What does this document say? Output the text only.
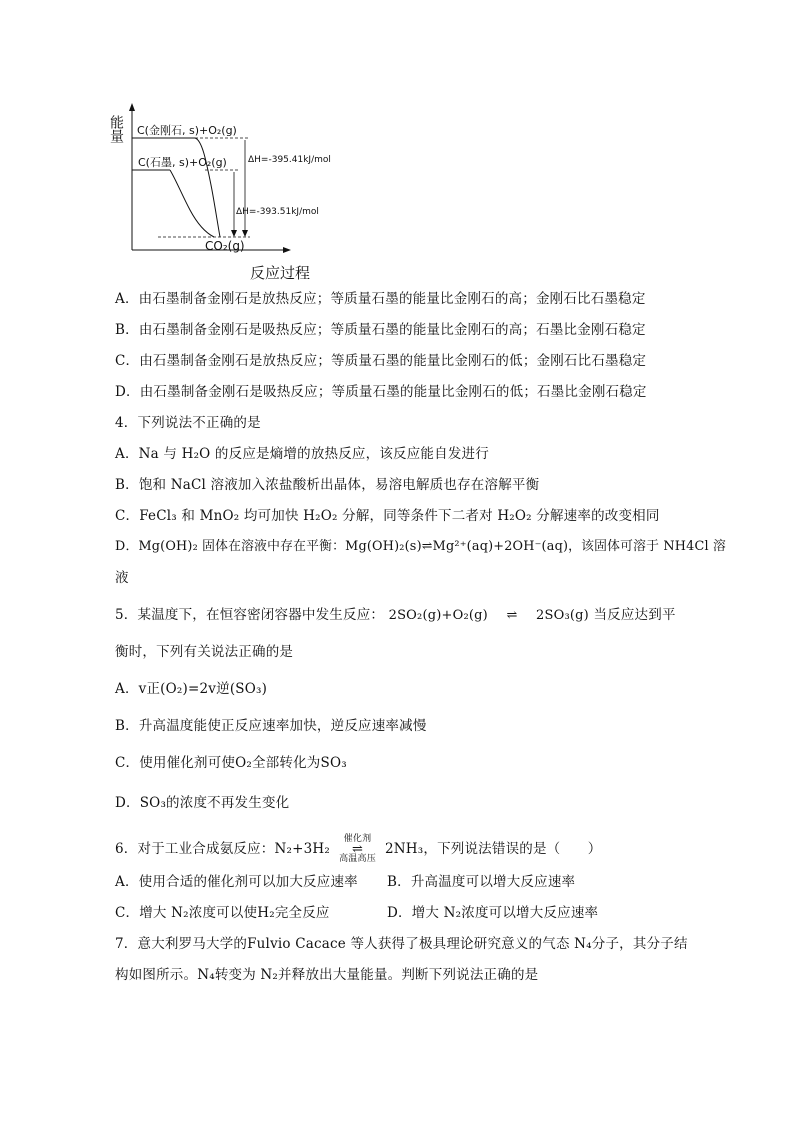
能量
反应过程
C(金刚石, s)+O₂(g)
C(石墨, s)+O₂(g)
CO₂(g)
ΔH=-395.41kJ/mol
ΔH=-393.51kJ/mol
A．由石墨制备金刚石是放热反应；等质量石墨的能量比金刚石的高；金刚石比石墨稳定
B．由石墨制备金刚石是吸热反应；等质量石墨的能量比金刚石的高；石墨比金刚石稳定
C．由石墨制备金刚石是放热反应；等质量石墨的能量比金刚石的低；金刚石比石墨稳定
D．由石墨制备金刚石是吸热反应；等质量石墨的能量比金刚石的低；石墨比金刚石稳定
4．下列说法不正确的是
A．Na 与 H₂O 的反应是熵增的放热反应，该反应能自发进行
B．饱和 NaCl 溶液加入浓盐酸析出晶体，易溶电解质也存在溶解平衡
C．FeCl₃ 和 MnO₂ 均可加快 H₂O₂ 分解，同等条件下二者对 H₂O₂ 分解速率的改变相同
D．Mg(OH)₂ 固体在溶液中存在平衡：Mg(OH)₂(s)⇌Mg²⁺(aq)+2OH⁻(aq)，该固体可溶于 NH4Cl 溶
液
5．某温度下，在恒容密闭容器中发生反应： 2SO₂(g)+O₂(g) ⇌ 2SO₃(g) 当反应达到平
衡时，下列有关说法正确的是
A．v正(O₂)=2v逆(SO₃)
B．升高温度能使正反应速率加快，逆反应速率减慢
C．使用催化剂可使O₂全部转化为SO₃
D．SO₃的浓度不再发生变化
6．对于工业合成氨反应：N₂+3H₂
催化剂
⇌
高温高压
2NH₃，下列说法错误的是（　　）
A．使用合适的催化剂可以加大反应速率 B．升高温度可以增大反应速率
C．增大 N₂浓度可以使H₂完全反应	D．增大 N₂浓度可以增大反应速率
7．意大利罗马大学的Fulvio Cacace 等人获得了极具理论研究意义的气态 N₄分子，其分子结
构如图所示。N₄转变为 N₂并释放出大量能量。判断下列说法正确的是
